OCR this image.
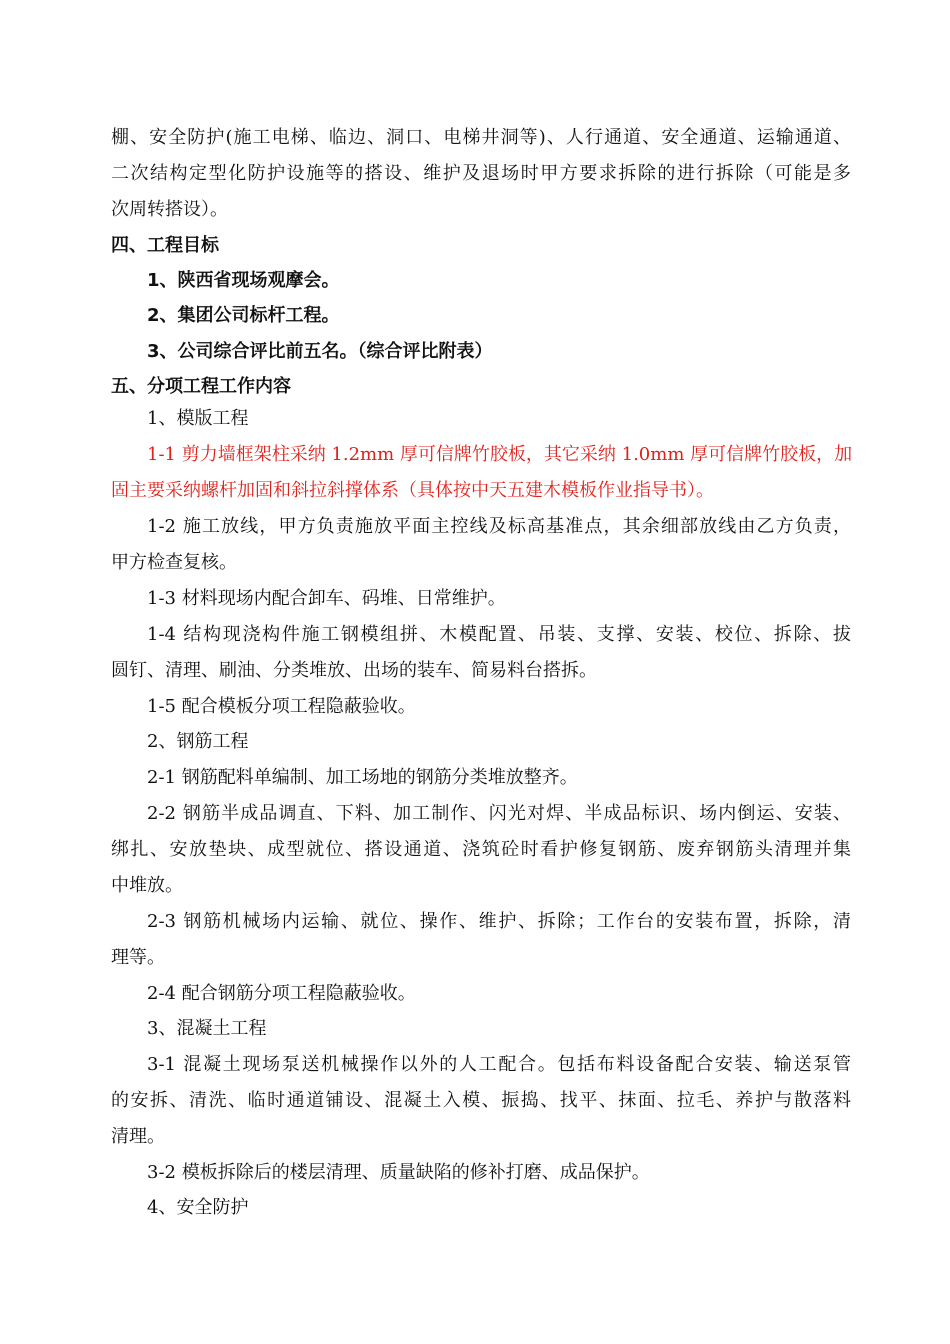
棚、安全防护(施工电梯、临边、洞口、电梯井洞等)、人行通道、安全通道、运输通道、
二次结构定型化防护设施等的搭设、维护及退场时甲方要求拆除的进行拆除（可能是多
次周转搭设）。
四、工程目标
1、陕西省现场观摩会。
2、集团公司标杆工程。
3、公司综合评比前五名。（综合评比附表）
五、分项工程工作内容
1、模版工程
1-1 剪力墙框架柱采纳 1.2mm 厚可信牌竹胶板，其它采纳 1.0mm 厚可信牌竹胶板，加
固主要采纳螺杆加固和斜拉斜撑体系（具体按中天五建木模板作业指导书）。
1-2 施工放线，甲方负责施放平面主控线及标高基准点，其余细部放线由乙方负责，
甲方检查复核。
1-3 材料现场内配合卸车、码堆、日常维护。
1-4 结构现浇构件施工钢模组拼、木模配置、吊装、支撑、安装、校位、拆除、拔
圆钉、清理、刷油、分类堆放、出场的装车、简易料台搭拆。
1-5 配合模板分项工程隐蔽验收。
2、钢筋工程
2-1 钢筋配料单编制、加工场地的钢筋分类堆放整齐。
2-2 钢筋半成品调直、下料、加工制作、闪光对焊、半成品标识、场内倒运、安装、
绑扎、安放垫块、成型就位、搭设通道、浇筑砼时看护修复钢筋、废弃钢筋头清理并集
中堆放。
2-3 钢筋机械场内运输、就位、操作、维护、拆除；工作台的安装布置，拆除，清
理等。
2-4 配合钢筋分项工程隐蔽验收。
3、混凝土工程
3-1 混凝土现场泵送机械操作以外的人工配合。包括布料设备配合安装、输送泵管
的安拆、清洗、临时通道铺设、混凝土入模、振捣、找平、抹面、拉毛、养护与散落料
清理。
3-2 模板拆除后的楼层清理、质量缺陷的修补打磨、成品保护。
4、安全防护
